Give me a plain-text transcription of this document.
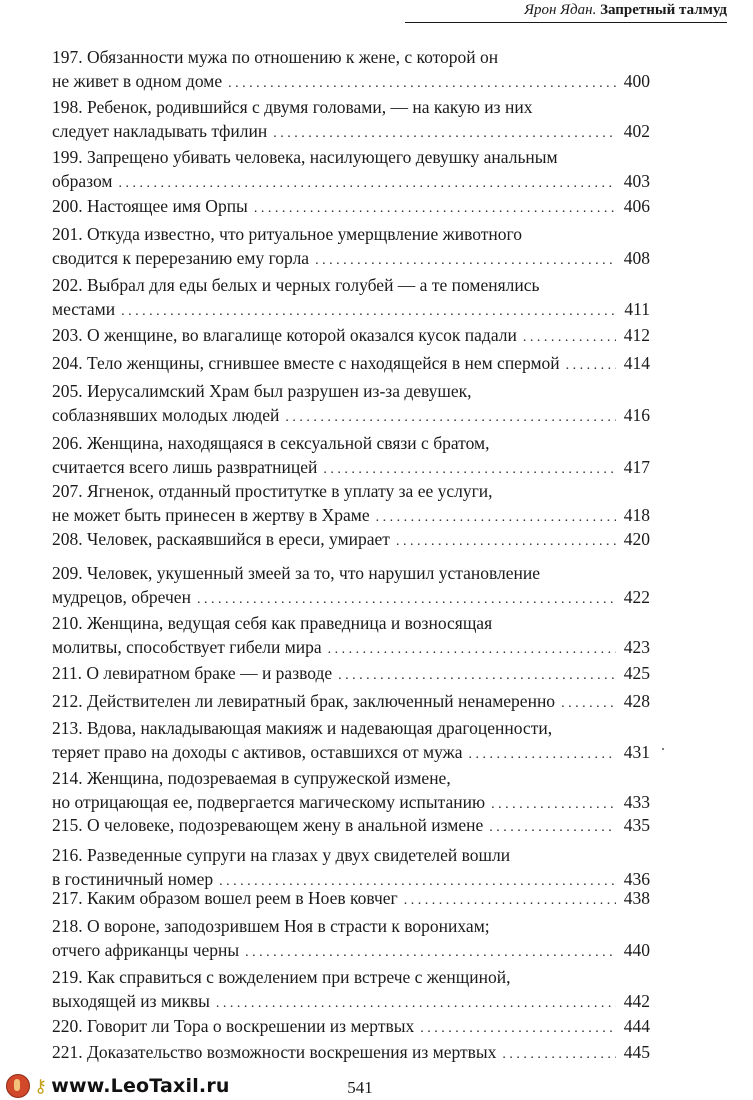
Ярон Ядан. Запретный талмуд
197. Обязанности мужа по отношению к жене, с которой он
не живет в одном доме . . .	400
198. Ребенок, родившийся с двумя головами, — на какую из них
следует накладывать тфилин . . .	402
199. Запрещено убивать человека, насилующего девушку анальным
образом . . .	403
200. Настоящее имя Орпы . . .	406
201. Откуда известно, что ритуальное умерщвление животного
сводится к перерезанию ему горла . . .	408
202. Выбрал для еды белых и черных голубей — а те поменялись
местами . . .	411
203. О женщине, во влагалище которой оказался кусок падали . . .	412
204. Тело женщины, сгнившее вместе с находящейся в нем спермой . . .	414
205. Иерусалимский Храм был разрушен из-за девушек,
соблазнявших молодых людей . . .	416
206. Женщина, находящаяся в сексуальной связи с братом,
считается всего лишь развратницей . . .	417
207. Ягненок, отданный проститутке в уплату за ее услуги,
не может быть принесен в жертву в Храме . . .	418
208. Человек, раскаявшийся в ереси, умирает . . .	420
209. Человек, укушенный змеей за то, что нарушил установление
мудрецов, обречен . . .	422
210. Женщина, ведущая себя как праведница и возносящая
молитвы, способствует гибели мира . . .	423
211. О левиратном браке — и разводе . . .	425
212. Действителен ли левиратный брак, заключенный ненамеренно . . .	428
213. Вдова, накладывающая макияж и надевающая драгоценности,
теряет право на доходы с активов, оставшихся от мужа . . .	431
214. Женщина, подозреваемая в супружеской измене,
но отрицающая ее, подвергается магическому испытанию . . .	433
215. О человеке, подозревающем жену в анальной измене . . .	435
216. Разведенные супруги на глазах у двух свидетелей вошли
в гостиничный номер . . .	436
217. Каким образом вошел реем в Ноев ковчег . . .	438
218. О вороне, заподозрившем Ноя в страсти к воронихам;
отчего африканцы черны . . .	440
219. Как справиться с вожделением при встрече с женщиной,
выходящей из миквы . . .	442
220. Говорит ли Тора о воскрешении из мертвых . . .	444
221. Доказательство возможности воскрешения из мертвых . . .	445
⚷ www.LeoTaxil.ru	541
